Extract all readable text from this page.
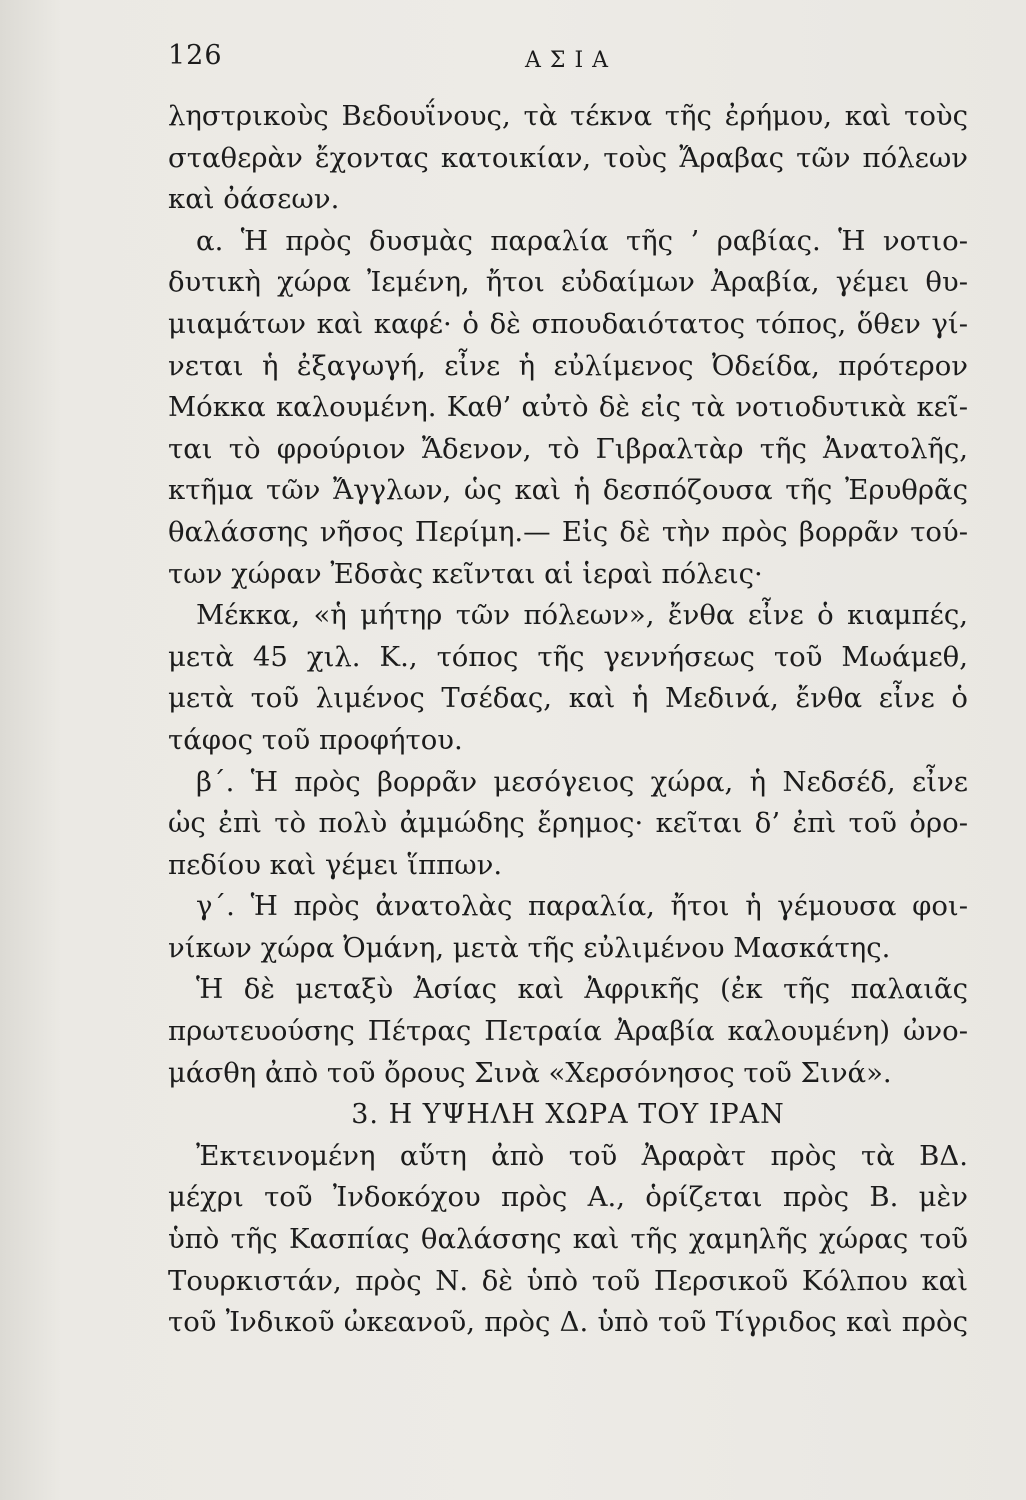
126	ΑΣΙΑ
ληστρικοὺς Βεδουΐνους, τὰ τέκνα τῆς ἐρήμου, καὶ τοὺς
σταθερὰν ἔχοντας κατοικίαν, τοὺς Ἄραβας τῶν πόλεων
καὶ ὀάσεων.
α. Ἡ πρὸς δυσμὰς παραλία τῆς ’ ραβίας. Ἡ νοτιο-
δυτικὴ χώρα Ἰεμένη, ἤτοι εὐδαίμων Ἀραβία, γέμει θυ-
μιαμάτων καὶ καφέ· ὁ δὲ σπουδαιότατος τόπος, ὅθεν γί-
νεται ἡ ἐξαγωγή, εἶνε ἡ εὐλίμενος Ὀδείδα, πρότερον
Μόκκα καλουμένη. Καθ’ αὐτὸ δὲ εἰς τὰ νοτιοδυτικὰ κεῖ-
ται τὸ φρούριον Ἄδενον, τὸ Γιβραλτὰρ τῆς Ἀνατολῆς,
κτῆμα τῶν Ἄγγλων, ὡς καὶ ἡ δεσπόζουσα τῆς Ἐρυθρᾶς
θαλάσσης νῆσος Περίμη.— Εἰς δὲ τὴν πρὸς βορρᾶν τού-
των χώραν Ἐδσὰς κεῖνται αἱ ἱεραὶ πόλεις·
Μέκκα, «ἡ μήτηρ τῶν πόλεων», ἔνθα εἶνε ὁ κιαμπές,
μετὰ 45 χιλ. Κ., τόπος τῆς γεννήσεως τοῦ Μωάμεθ,
μετὰ τοῦ λιμένος Τσέδας, καὶ ἡ Μεδινά, ἔνθα εἶνε ὁ
τάφος τοῦ προφήτου.
β΄. Ἡ πρὸς βορρᾶν μεσόγειος χώρα, ἡ Νεδσέδ, εἶνε
ὡς ἐπὶ τὸ πολὺ ἀμμώδης ἔρημος· κεῖται δ’ ἐπὶ τοῦ ὀρο-
πεδίου καὶ γέμει ἵππων.
γ΄. Ἡ πρὸς ἀνατολὰς παραλία, ἤτοι ἡ γέμουσα φοι-
νίκων χώρα Ὀμάνη, μετὰ τῆς εὐλιμένου Μασκάτης.
Ἡ δὲ μεταξὺ Ἀσίας καὶ Ἀφρικῆς (ἐκ τῆς παλαιᾶς
πρωτευούσης Πέτρας Πετραία Ἀραβία καλουμένη) ὠνο-
μάσθη ἀπὸ τοῦ ὄρους Σινὰ «Χερσόνησος τοῦ Σινά».
3. Η ΥΨΗΛΗ ΧΩΡΑ ΤΟΥ ΙΡΑΝ
Ἐκτεινομένη αὕτη ἀπὸ τοῦ Ἀραρὰτ πρὸς τὰ ΒΔ.
μέχρι τοῦ Ἰνδοκόχου πρὸς Α., ὁρίζεται πρὸς Β. μὲν
ὑπὸ τῆς Κασπίας θαλάσσης καὶ τῆς χαμηλῆς χώρας τοῦ
Τουρκιστάν, πρὸς Ν. δὲ ὑπὸ τοῦ Περσικοῦ Κόλπου καὶ
τοῦ Ἰνδικοῦ ὠκεανοῦ, πρὸς Δ. ὑπὸ τοῦ Τίγριδος καὶ πρὸς
